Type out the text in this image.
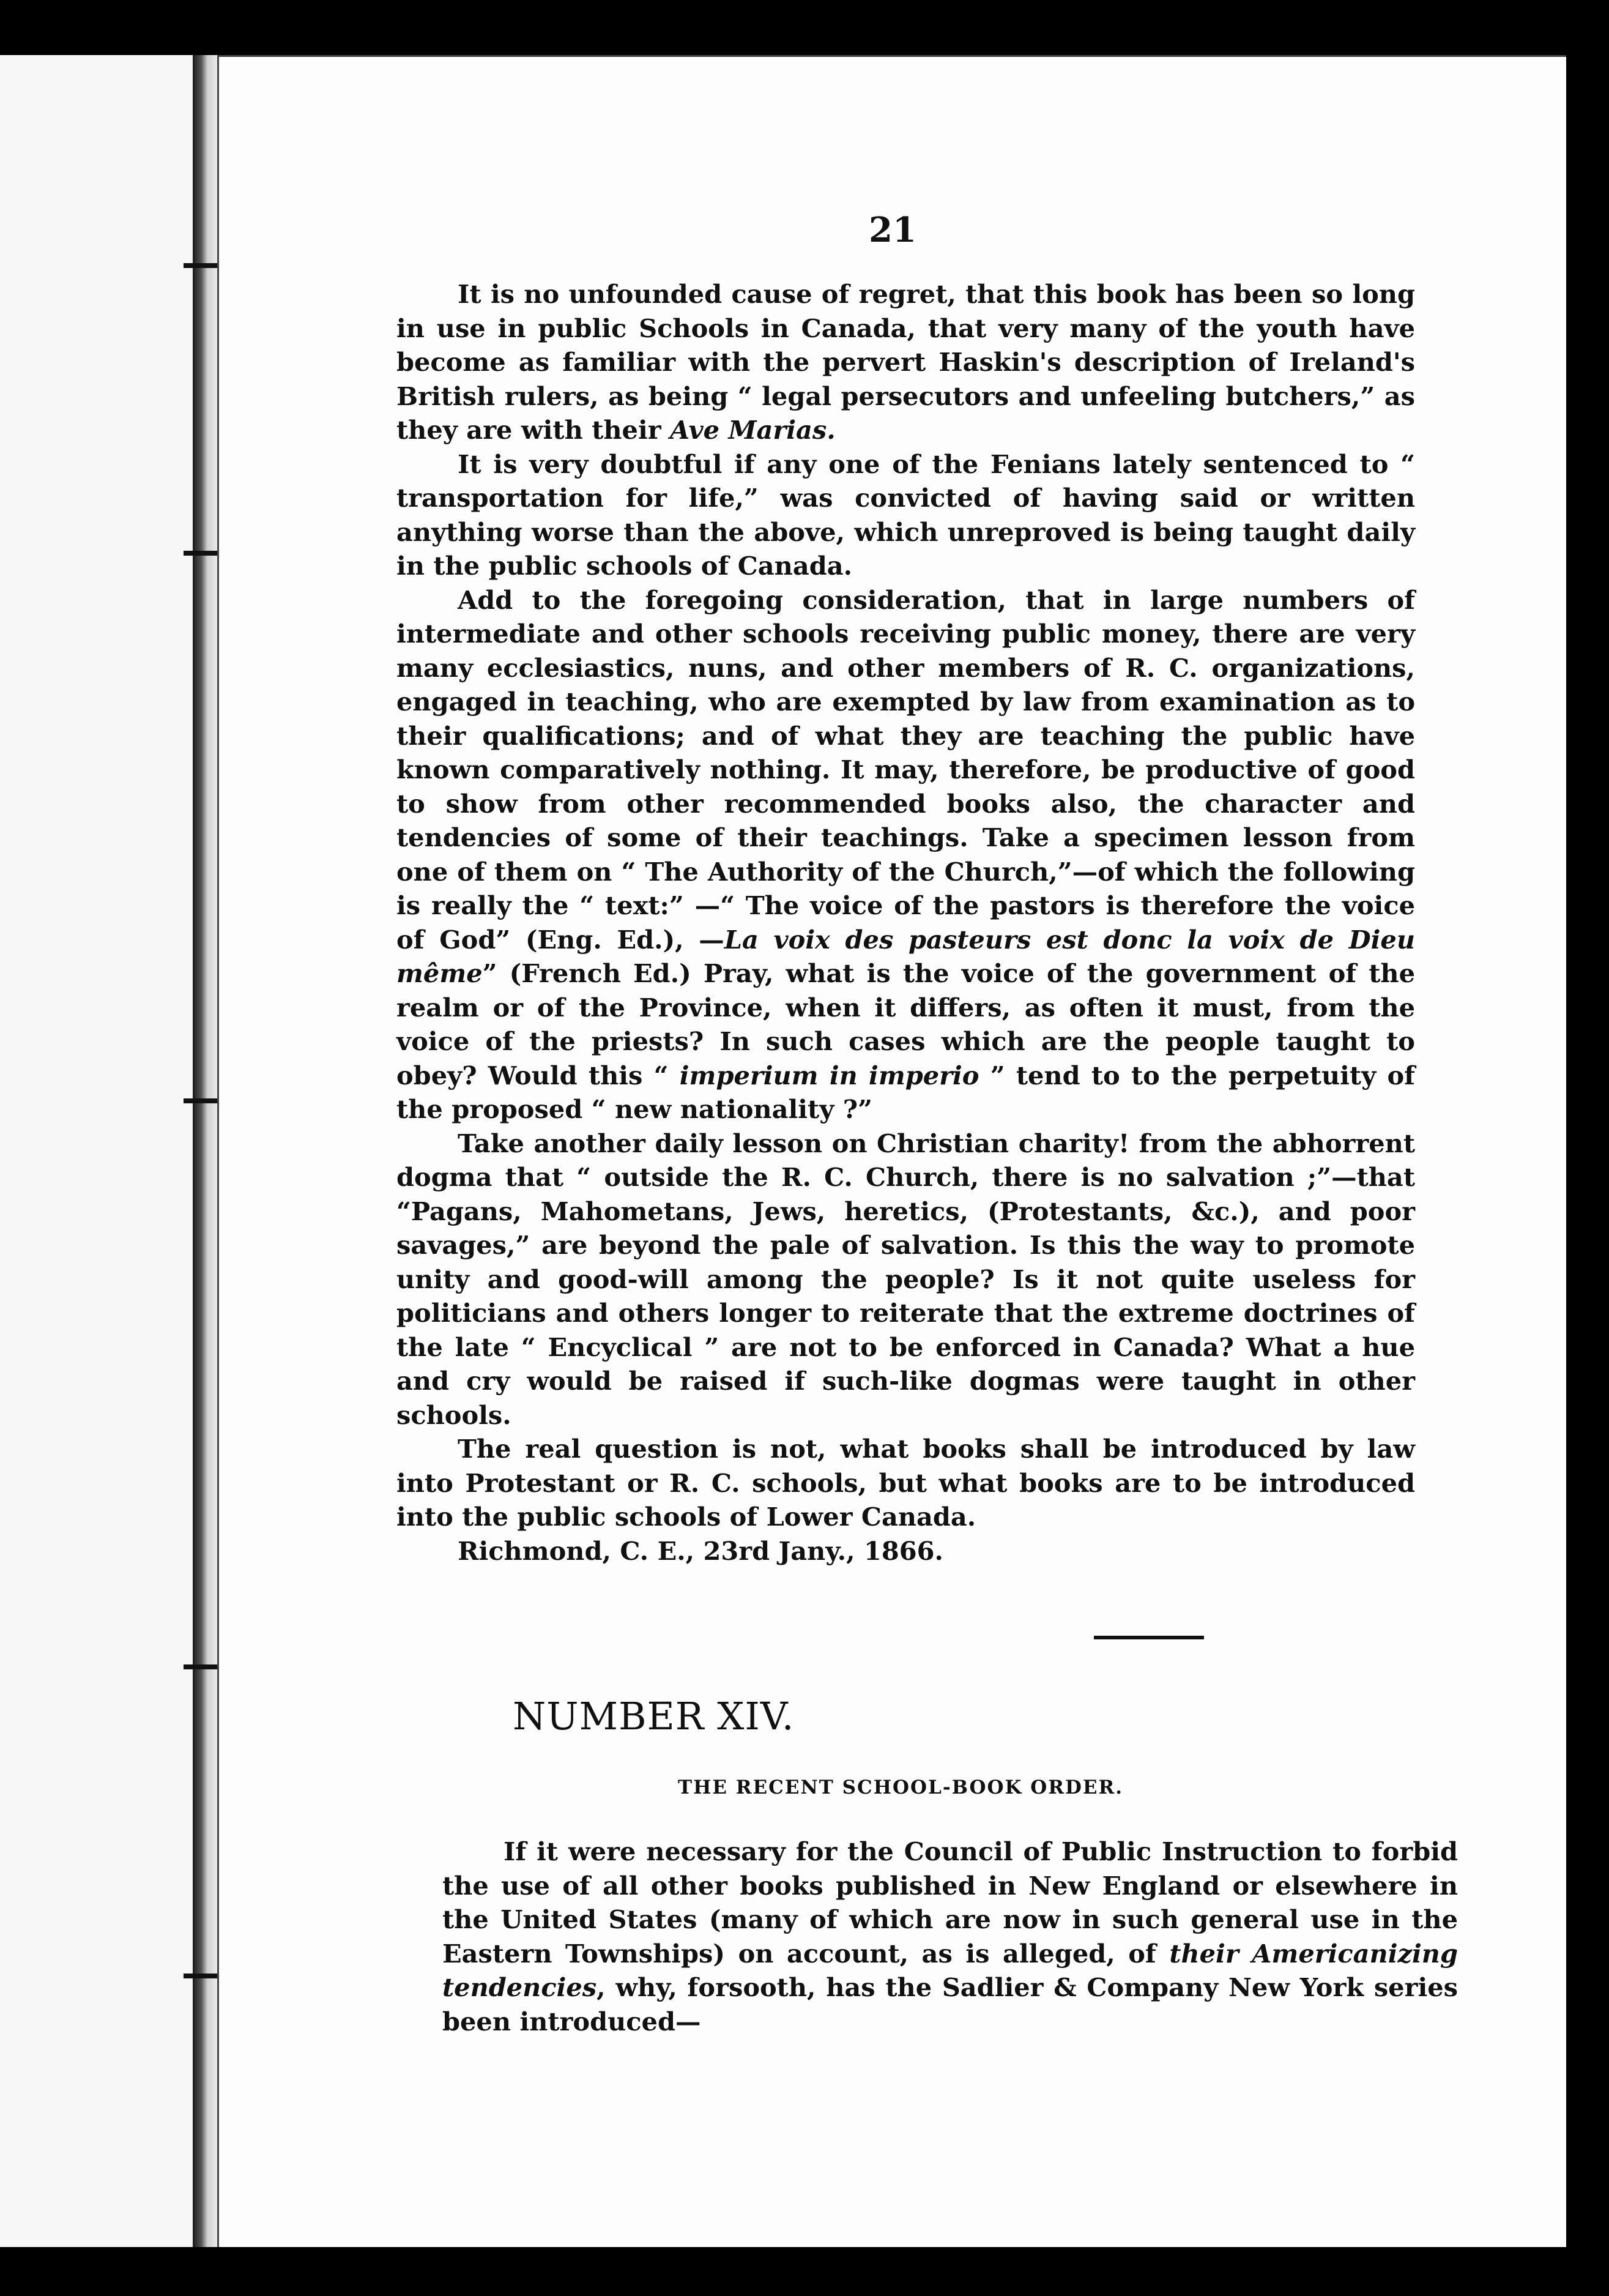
21

It is no unfounded cause of regret, that this book has been so long in use in public Schools in Canada, that very many of the youth have become as familiar with the pervert Haskin's description of Ireland's British rulers, as being “ legal persecutors and unfeeling butchers,” as they are with their Ave Marias.

It is very doubtful if any one of the Fenians lately sentenced to “ transportation for life,” was convicted of having said or written anything worse than the above, which unreproved is being taught daily in the public schools of Canada.

Add to the foregoing consideration, that in large numbers of intermediate and other schools receiving public money, there are very many ecclesiastics, nuns, and other members of R. C. organizations, engaged in teaching, who are exempted by law from examination as to their qualifications; and of what they are teaching the public have known comparatively nothing. It may, therefore, be productive of good to show from other recommended books also, the character and tendencies of some of their teachings. Take a specimen lesson from one of them on “ The Authority of the Church,”—of which the following is really the “ text:” —“ The voice of the pastors is therefore the voice of God” (Eng. Ed.), —La voix des pasteurs est donc la voix de Dieu même” (French Ed.) Pray, what is the voice of the government of the realm or of the Province, when it differs, as often it must, from the voice of the priests? In such cases which are the people taught to obey? Would this “ imperium in imperio ” tend to to the perpetuity of the proposed “ new nationality ?”

Take another daily lesson on Christian charity! from the abhorrent dogma that “ outside the R. C. Church, there is no salvation ;”—that “Pagans, Mahometans, Jews, heretics, (Protestants, &c.), and poor savages,” are beyond the pale of salvation. Is this the way to promote unity and good-will among the people? Is it not quite useless for politicians and others longer to reiterate that the extreme doctrines of the late “ Encyclical ” are not to be enforced in Canada? What a hue and cry would be raised if such-like dogmas were taught in other schools.

The real question is not, what books shall be introduced by law into Protestant or R. C. schools, but what books are to be introduced into the public schools of Lower Canada.

Richmond, C. E., 23rd Jany., 1866.

NUMBER XIV.
THE RECENT SCHOOL-BOOK ORDER.

If it were necessary for the Council of Public Instruction to forbid the use of all other books published in New England or elsewhere in the United States (many of which are now in such general use in the Eastern Townships) on account, as is alleged, of their Americanizing tendencies, why, forsooth, has the Sadlier & Company New York series been introduced—
